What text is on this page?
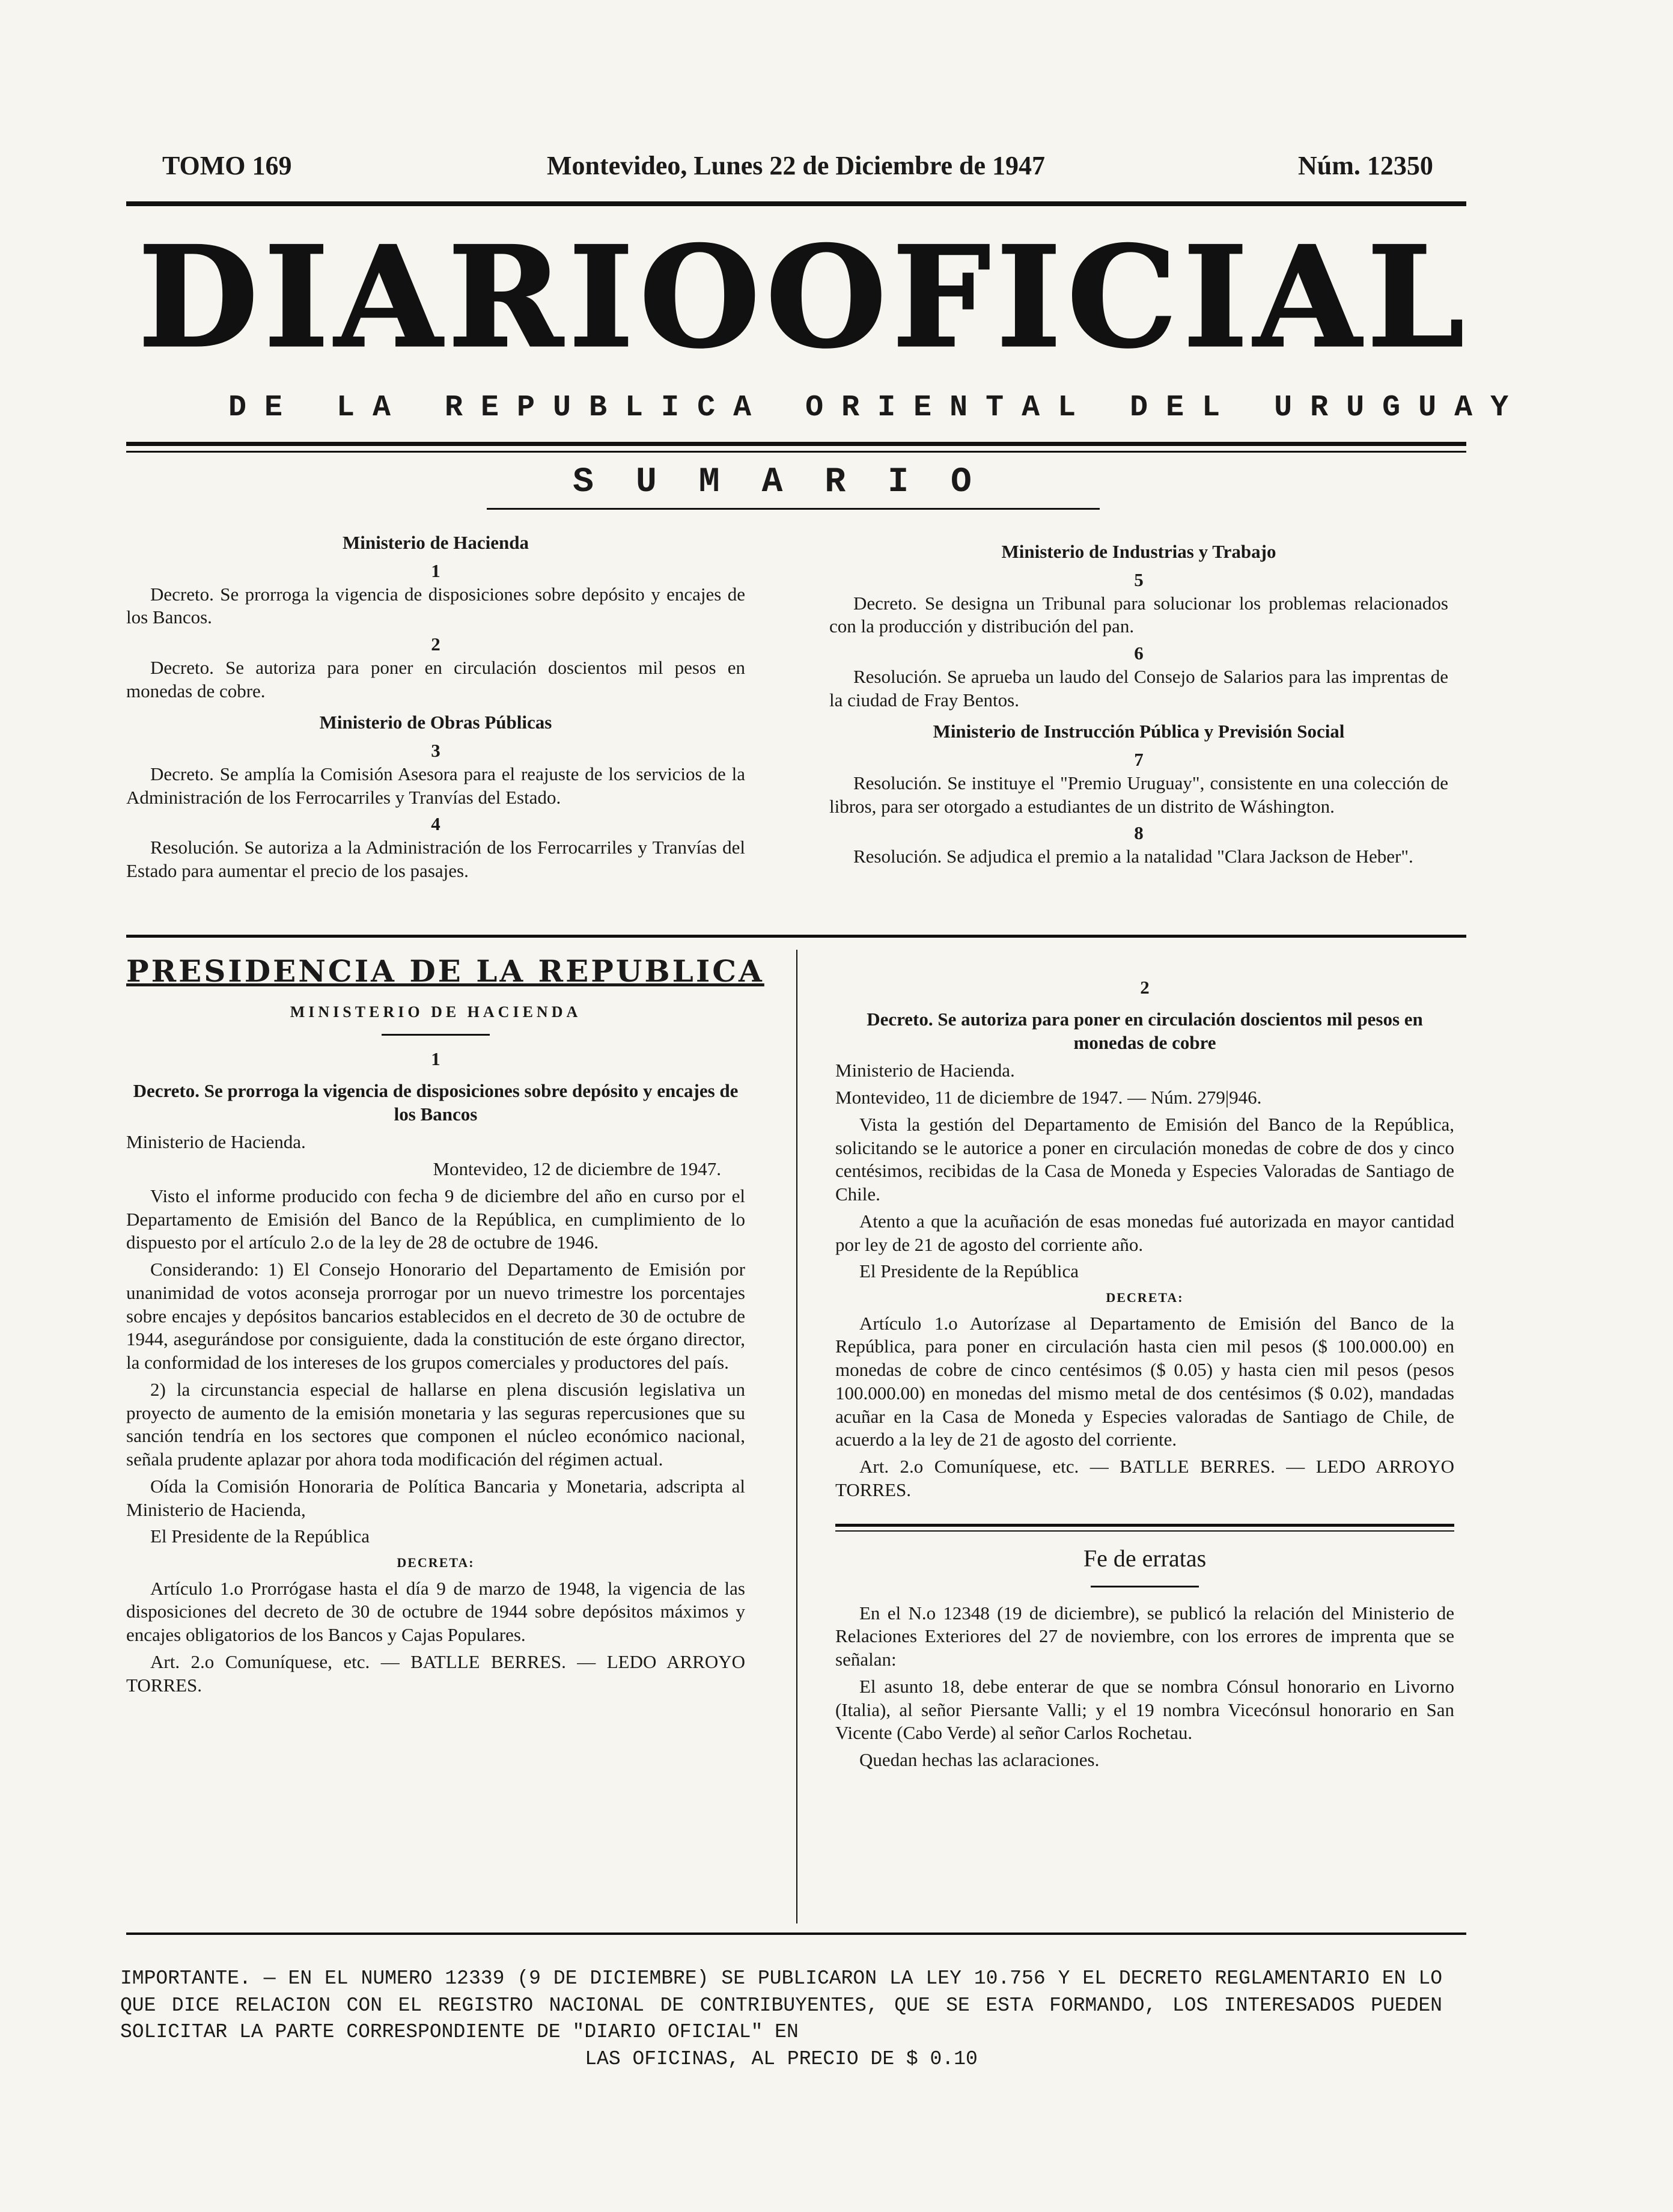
TOMO 169	Montevideo, Lunes 22 de Diciembre de 1947	Núm. 12350
DIARIO OFICIAL
DE LA REPUBLICA ORIENTAL DEL URUGUAY
SUMARIO

Ministerio de Hacienda

1

Decreto. Se prorroga la vigencia de disposiciones sobre depósito y encajes de los Bancos.

2

Decreto. Se autoriza para poner en circulación doscientos mil pesos en monedas de cobre.

Ministerio de Obras Públicas

3

Decreto. Se amplía la Comisión Asesora para el reajuste de los servicios de la Administración de los Ferrocarriles y Tranvías del Estado.

4

Resolución. Se autoriza a la Administración de los Ferrocarriles y Tranvías del Estado para aumentar el precio de los pasajes.

Ministerio de Industrias y Trabajo

5

Decreto. Se designa un Tribunal para solucionar los problemas relacionados con la producción y distribución del pan.

6

Resolución. Se aprueba un laudo del Consejo de Salarios para las imprentas de la ciudad de Fray Bentos.

Ministerio de Instrucción Pública y Previsión Social

7

Resolución. Se instituye el "Premio Uruguay", consistente en una colección de libros, para ser otorgado a estudiantes de un distrito de Wáshington.

8

Resolución. Se adjudica el premio a la natalidad "Clara Jackson de Heber".

PRESIDENCIA DE LA REPUBLICA
MINISTERIO DE HACIENDA

1

Decreto. Se prorroga la vigencia de disposiciones sobre depósito y encajes de los Bancos

Ministerio de Hacienda.

Montevideo, 12 de diciembre de 1947.

Visto el informe producido con fecha 9 de diciembre del año en curso por el Departamento de Emisión del Banco de la República, en cumplimiento de lo dispuesto por el artículo 2.o de la ley de 28 de octubre de 1946.

Considerando: 1) El Consejo Honorario del Departamento de Emisión por unanimidad de votos aconseja prorrogar por un nuevo trimestre los porcentajes sobre encajes y depósitos bancarios establecidos en el decreto de 30 de octubre de 1944, asegurándose por consiguiente, dada la constitución de este órgano director, la conformidad de los intereses de los grupos comerciales y productores del país.

2) la circunstancia especial de hallarse en plena discusión legislativa un proyecto de aumento de la emisión monetaria y las seguras repercusiones que su sanción tendría en los sectores que componen el núcleo económico nacional, señala prudente aplazar por ahora toda modificación del régimen actual.

Oída la Comisión Honoraria de Política Bancaria y Monetaria, adscripta al Ministerio de Hacienda,

El Presidente de la República

DECRETA:

Artículo 1.o Prorrógase hasta el día 9 de marzo de 1948, la vigencia de las disposiciones del decreto de 30 de octubre de 1944 sobre depósitos máximos y encajes obligatorios de los Bancos y Cajas Populares.

Art. 2.o Comuníquese, etc. — BATLLE BERRES. — LEDO ARROYO TORRES.

2

Decreto. Se autoriza para poner en circulación doscientos mil pesos en monedas de cobre

Ministerio de Hacienda.

Montevideo, 11 de diciembre de 1947. — Núm. 279|946.

Vista la gestión del Departamento de Emisión del Banco de la República, solicitando se le autorice a poner en circulación monedas de cobre de dos y cinco centésimos, recibidas de la Casa de Moneda y Especies Valoradas de Santiago de Chile.

Atento a que la acuñación de esas monedas fué autorizada en mayor cantidad por ley de 21 de agosto del corriente año.

El Presidente de la República

DECRETA:

Artículo 1.o Autorízase al Departamento de Emisión del Banco de la República, para poner en circulación hasta cien mil pesos ($ 100.000.00) en monedas de cobre de cinco centésimos ($ 0.05) y hasta cien mil pesos (pesos 100.000.00) en monedas del mismo metal de dos centésimos ($ 0.02), mandadas acuñar en la Casa de Moneda y Especies valoradas de Santiago de Chile, de acuerdo a la ley de 21 de agosto del corriente.

Art. 2.o Comuníquese, etc. — BATLLE BERRES. — LEDO ARROYO TORRES.

Fe de erratas

En el N.o 12348 (19 de diciembre), se publicó la relación del Ministerio de Relaciones Exteriores del 27 de noviembre, con los errores de imprenta que se señalan:

El asunto 18, debe enterar de que se nombra Cónsul honorario en Livorno (Italia), al señor Piersante Valli; y el 19 nombra Vicecónsul honorario en San Vicente (Cabo Verde) al señor Carlos Rochetau.

Quedan hechas las aclaraciones.

IMPORTANTE. — EN EL NUMERO 12339 (9 DE DICIEMBRE) SE PUBLICARON LA LEY 10.756 Y EL DECRETO REGLAMENTARIO EN LO QUE DICE RELACION CON EL REGISTRO NACIONAL DE CONTRIBUYENTES, QUE SE ESTA FORMANDO, LOS INTERESADOS PUEDEN SOLICITAR LA PARTE CORRESPONDIENTE DE "DIARIO OFICIAL" EN
LAS OFICINAS, AL PRECIO DE $ 0.10
